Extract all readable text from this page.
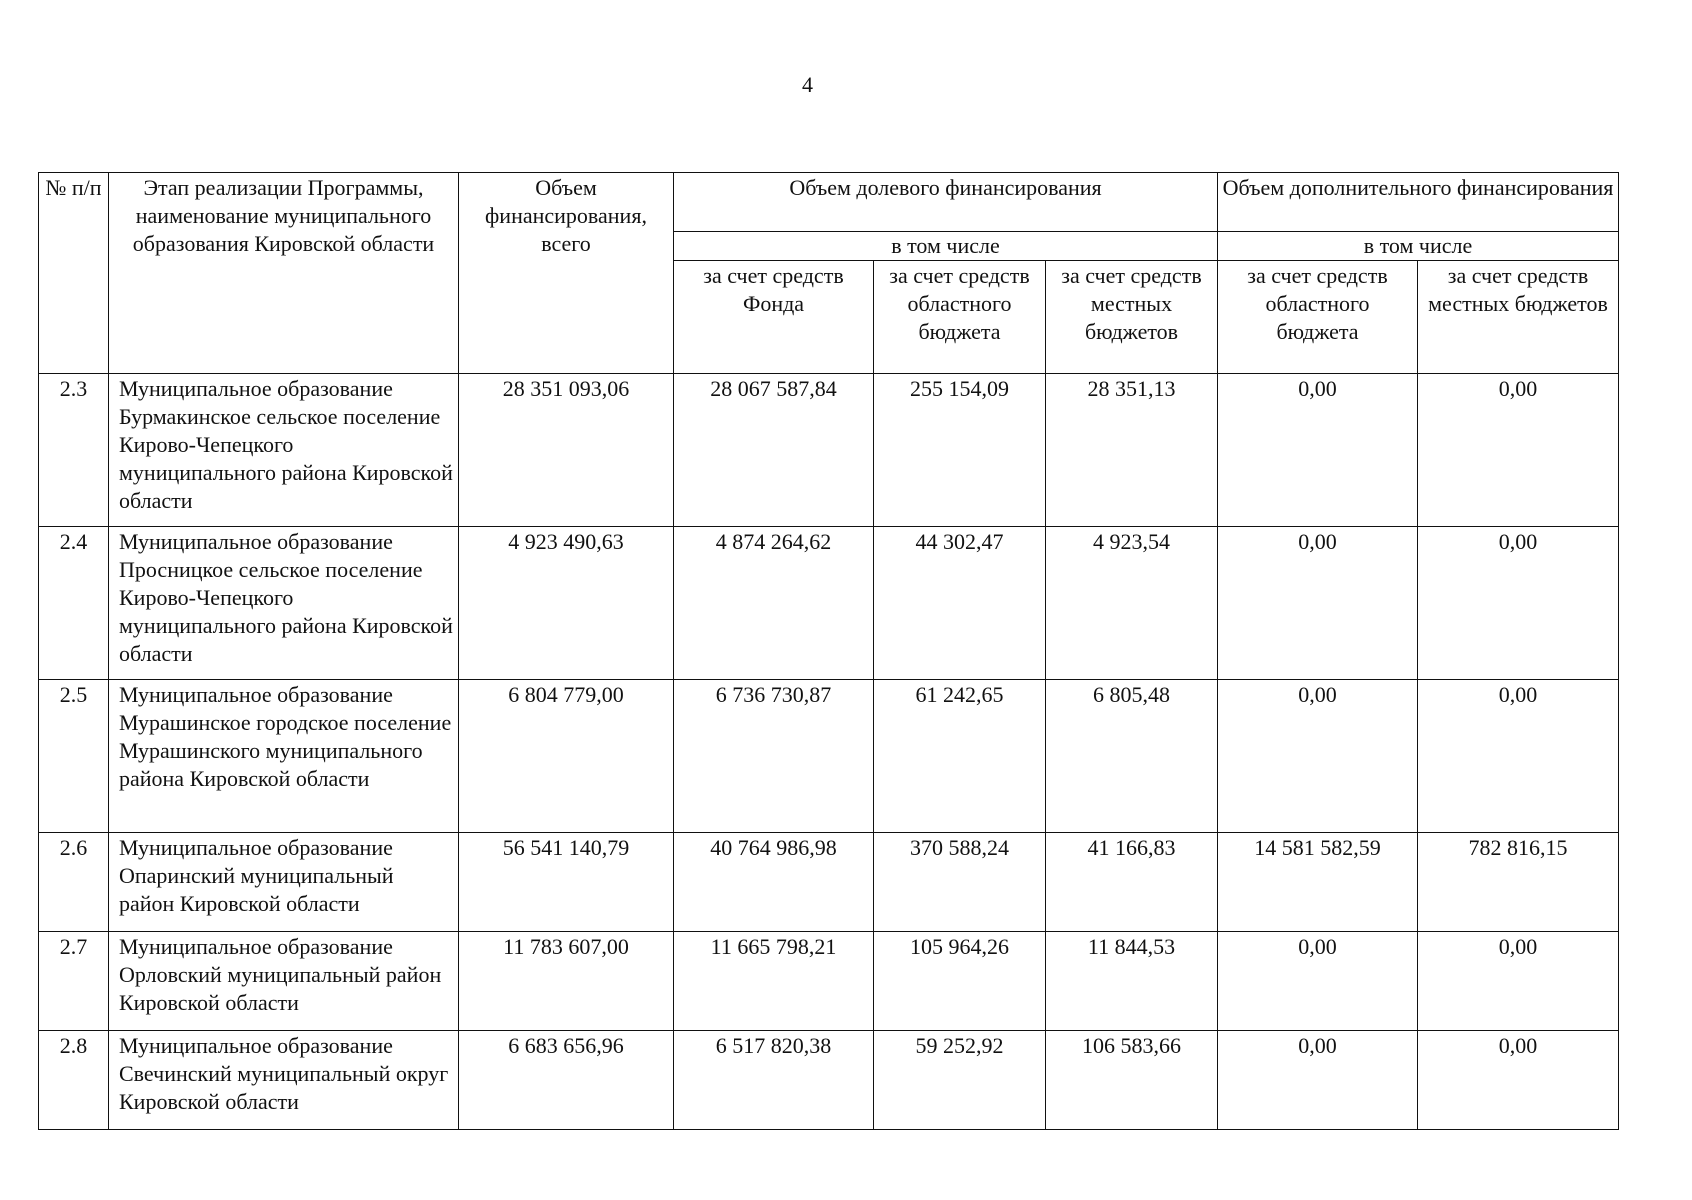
4
№ п/п	Этап реализации Программы, наименование муниципального образования Кировской области	Объем финансирования, всего	Объем долевого финансирования			Объем дополнительного финансирования	
			в том числе			в том числе	
			за счет средств Фонда	за счет средств областного бюджета	за счет средств местных бюджетов	за счет средств областного бюджета	за счет средств местных бюджетов
2.3	Муниципальное образование Бурмакинское сельское поселение Кирово-Чепецкого муниципального района Кировской области	28 351 093,06	28 067 587,84	255 154,09	28 351,13	0,00	0,00
2.4	Муниципальное образование Просницкое сельское поселение Кирово-Чепецкого муниципального района Кировской области	4 923 490,63	4 874 264,62	44 302,47	4 923,54	0,00	0,00
2.5	Муниципальное образование Мурашинское городское поселение Мурашинского муниципального района Кировской области	6 804 779,00	6 736 730,87	61 242,65	6 805,48	0,00	0,00
2.6	Муниципальное образование Опаринский муниципальный район Кировской области	56 541 140,79	40 764 986,98	370 588,24	41 166,83	14 581 582,59	782 816,15
2.7	Муниципальное образование Орловский муниципальный район Кировской области	11 783 607,00	11 665 798,21	105 964,26	11 844,53	0,00	0,00
2.8	Муниципальное образование Свечинский муниципальный округ Кировской области	6 683 656,96	6 517 820,38	59 252,92	106 583,66	0,00	0,00
